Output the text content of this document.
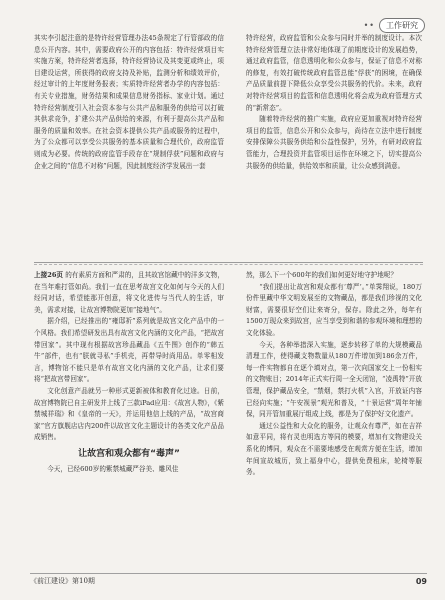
••	工作研究

其实李引起注意的是特许经营管理办法45条规定了行管部政的信息公开内容。其中，需要政府公开的内容包括：特许经营项目实实施方案，特许经营者选择，特许经营协议及其变更或终止，项目建设运营，所获得的政府支持及补贴，监测分析和绩效评价，经过审计的上年度财务报表；实质特许经营者办学的内容包括：有关专业措施，财务结果和成果信息财务指标、家业计划。通过特许经营制度引入社会资本参与公共产品和服务的供给可以打破其供求竞争，扩建公共产品供给的来源，有利于提高公共产品和服务的质量和效率。在社会资本提供公共产品或服务的过程中，为了公众都可以享受公共服务的基本质量和合理代价，政府监管则成为必要。传统的政府监管手段存在“规制俘获”问题和政府与企业之间的“信息不对称”问题，因此制度经济学发展出一套

特许经营，政府监管和公众参与同时并举的制度设计。本次特许经营管理立法非常好地体现了前期度设计的发展趋势，通过政府监管，信息透明化和公众参与，保证了信息不对称的修复，有效打破传统政府监管总能“俘获”的困境，在确保产品质量前提下降低公众享受公共服务的代价。未来，政府对特许经营项目的监管和信息透明化将会成为政府管理方式的“新常态”。

随着特许经营的推广实施，政府应更加重视对特许经营项目的监管，信息公开和公众参与，尚待在立法中进行制度安排保障公共服务供给和公益性保护，另外，有研对政府监管能力，合理投资并监管项目运作在环境之下，切实提高公共服务的供给量，供给效率和质量，让公众感到满意。

上接26页 的有素质方面和严肃的，且其故宫馆藏中的洋多文物，在当年难打管如尚。我们一直在思考故宫文化如何与今天的人们经同对话，希望能那开创意，将文化进传与当代人的生活，审美，需求对接，让故宫博物院更加“接地气”。

据介绍，已经推出的“雍邸祈”系列就是故宫文化产品中的一个风格。我们希望研发出具有故宫文化内涵的文化产品，“把故宫带回家”。其中现有根据故宫珍品藏品《五牛图》创作的“韩五牛”部件，也有“朕就寻私”手机壳，再带导时尚用品。单零相发言，博物馆不能只是单有故宫文化内涵的文化产品，让求们要将“把故宫带回家”。

文化创意产品就另一种形式更新被体和教育化过途。日前，故宫博物院已自主研发并上线了三款iPad应用：《故宫人物》，《紫禁城祥瑞》和《皇帝的一天》，并运用他信上线的产品，“故宫商家”官方旗舰店店内200件以故宫文化主题设计的各类文化产品品成销售。

让故宫和观众都有“毒声”

今天，已经600岁的紫禁城藏严谷美、雕风佳

然，那么下一个600年的我们如何更好地守护地呢？

“我们提出让故宫和观众都有‘尊严’。”单霁翔说，180万份件里藏中华文明发展至的文物藏品，都是我们珍视的文化财富，需要很好空们让来寄分，保存。除此之外，每年有1500万现众来到故宫，应当享受到和谐的参观环境和理想的文化体验。

今天，各种举措深入实施，逐步转移了单的大规模藏品清理工作，使得藏支物数量从180万件增加到186余万件，每一件实物都自在逐个填对点，第一次向国家交上一份相实的文物账目；2014年正式实行周一全天闭馆，“凌禹特”开放管理，保护藏品安全，“禁烟，禁打火机”入宫，开放证内容已经向实施；“午安视景”观光和普及，“十景运营”周年年铺保，同开管加重展厅组成上线，都是为了保护好文化遗产。

通过公益性和大众化的服务，让观众有尊严，如在吉祥如意平同，将有灵也明选方等同的模要，增加有文物建设关系化的博同，观众在不需要地感受在观赏方便在生活，增加年间宣故城历，致上福身中心，提供免费租床，轮椅等服务。

《前江建设》第10期	09
